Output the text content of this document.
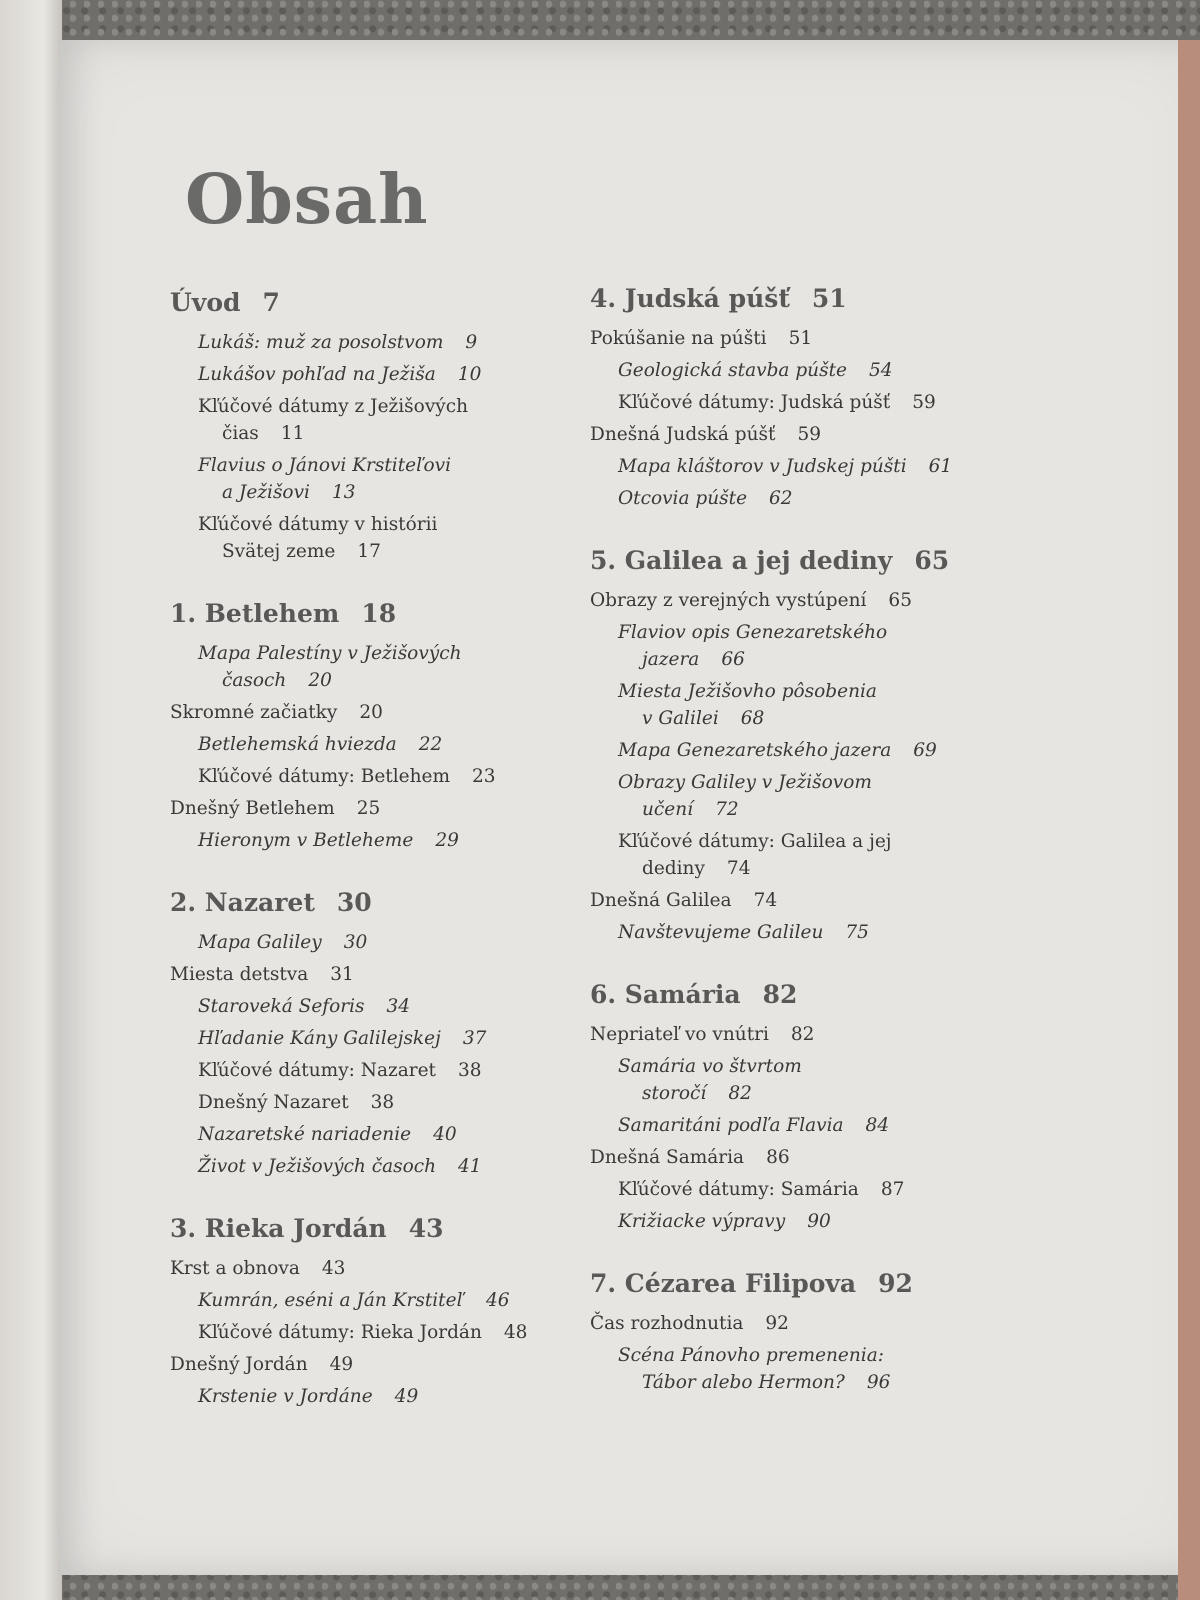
Obsah
Úvod 7
Lukáš: muž za posolstvom 9
Lukášov pohľad na Ježiša 10
Kľúčové dátumy z Ježišových
čias 11
Flavius o Jánovi Krstiteľovi
a Ježišovi 13
Kľúčové dátumy v histórii
Svätej zeme 17
1. Betlehem 18
Mapa Palestíny v Ježišových
časoch 20
Skromné začiatky 20
Betlehemská hviezda 22
Kľúčové dátumy: Betlehem 23
Dnešný Betlehem 25
Hieronym v Betleheme 29
2. Nazaret 30
Mapa Galiley 30
Miesta detstva 31
Staroveká Seforis 34
Hľadanie Kány Galilejskej 37
Kľúčové dátumy: Nazaret 38
Dnešný Nazaret 38
Nazaretské nariadenie 40
Život v Ježišových časoch 41
3. Rieka Jordán 43
Krst a obnova 43
Kumrán, eséni a Ján Krstiteľ 46
Kľúčové dátumy: Rieka Jordán 48
Dnešný Jordán 49
Krstenie v Jordáne 49
4. Judská púšť 51
Pokúšanie na púšti 51
Geologická stavba púšte 54
Kľúčové dátumy: Judská púšť 59
Dnešná Judská púšť 59
Mapa kláštorov v Judskej púšti 61
Otcovia púšte 62
5. Galilea a jej dediny 65
Obrazy z verejných vystúpení 65
Flaviov opis Genezaretského
jazera 66
Miesta Ježišovho pôsobenia
v Galilei 68
Mapa Genezaretského jazera 69
Obrazy Galiley v Ježišovom
učení 72
Kľúčové dátumy: Galilea a jej
dediny 74
Dnešná Galilea 74
Navštevujeme Galileu 75
6. Samária 82
Nepriateľ vo vnútri 82
Samária vo štvrtom
storočí 82
Samaritáni podľa Flavia 84
Dnešná Samária 86
Kľúčové dátumy: Samária 87
Križiacke výpravy 90
7. Cézarea Filipova 92
Čas rozhodnutia 92
Scéna Pánovho premenenia:
Tábor alebo Hermon? 96
